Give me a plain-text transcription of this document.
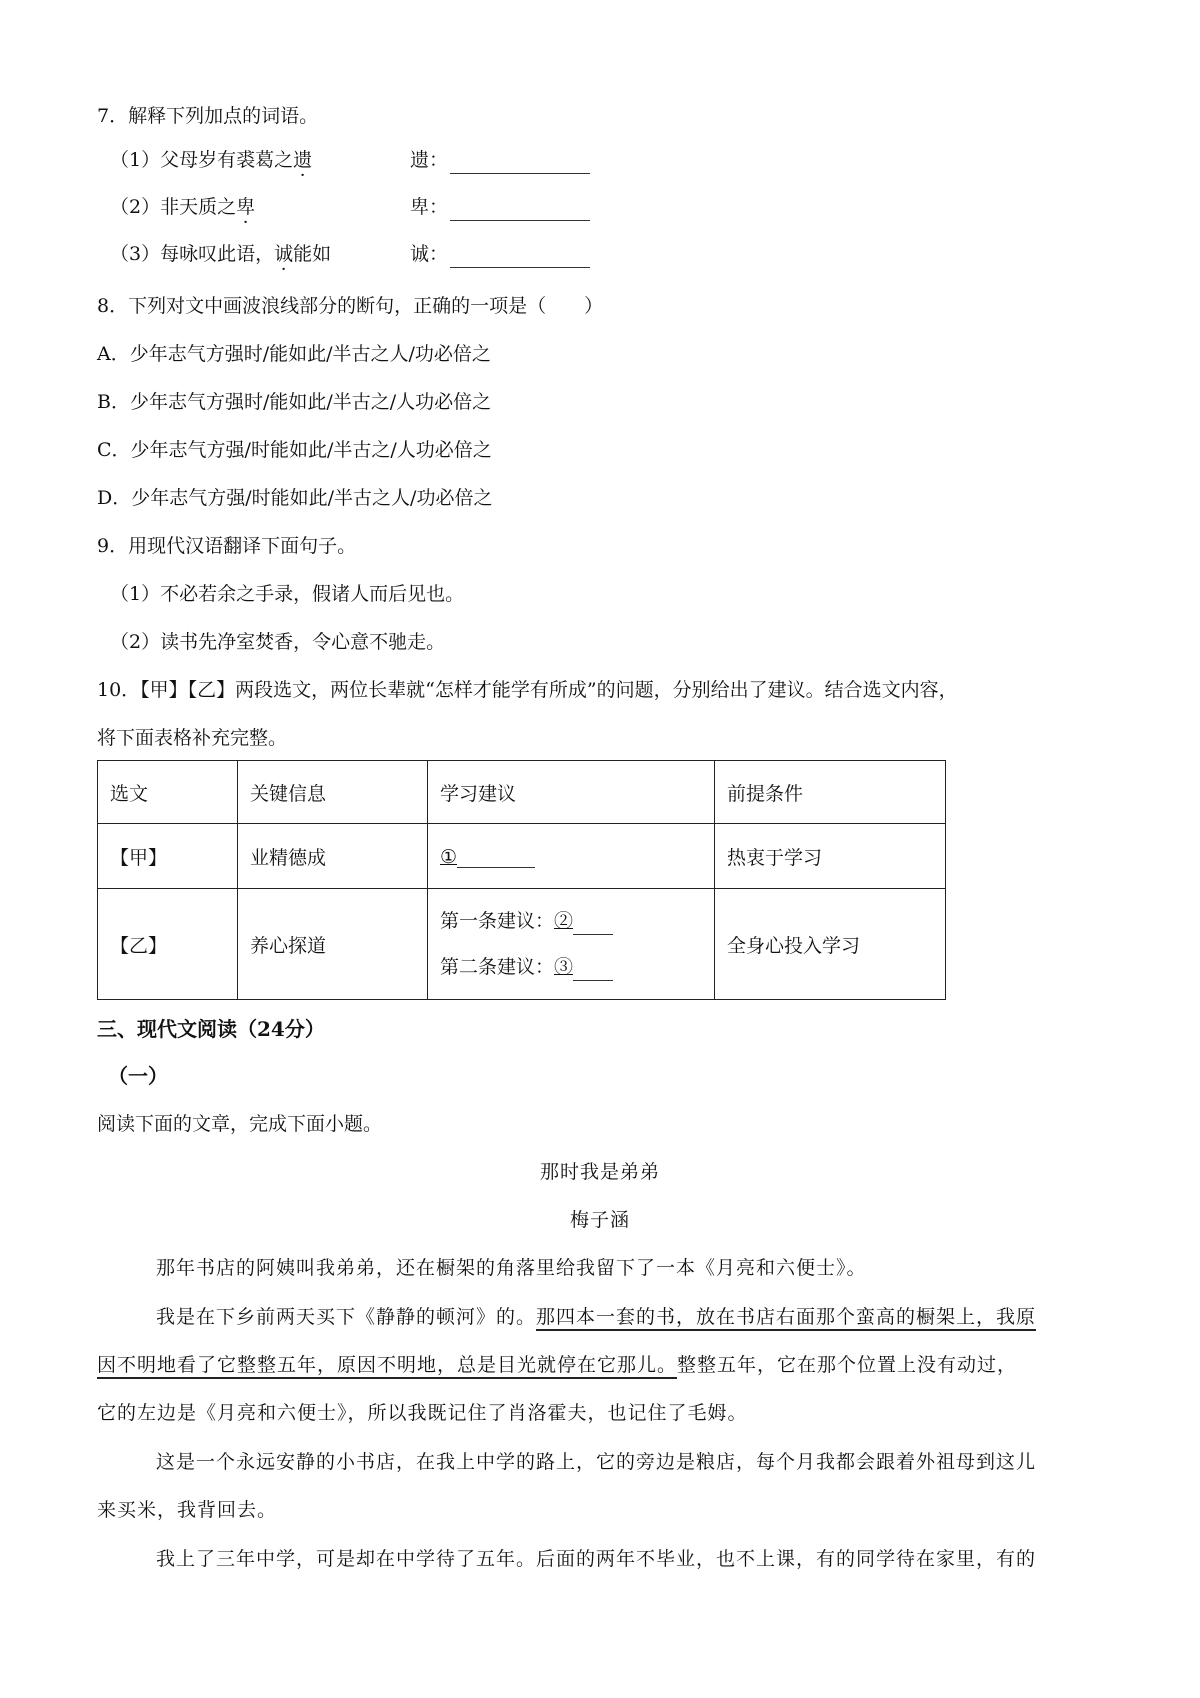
7．解释下列加点的词语。
（1）父母岁有裘葛之遗	遗：
（2）非天质之卑	卑：
（3）每咏叹此语，诚能如	诚：
8．下列对文中画波浪线部分的断句，正确的一项是（　　）
A．少年志气方强时/能如此/半古之人/功必倍之
B．少年志气方强时/能如此/半古之/人功必倍之
C．少年志气方强/时能如此/半古之/人功必倍之
D．少年志气方强/时能如此/半古之人/功必倍之
9．用现代汉语翻译下面句子。
（1）不必若余之手录，假诸人而后见也。
（2）读书先净室焚香，令心意不驰走。
10．【甲】【乙】两段选文，两位长辈就“怎样才能学有所成”的问题，分别给出了建议。结合选文内容，
将下面表格补充完整。
选文	关键信息	学习建议	前提条件
【甲】	业精德成	①	热衷于学习
【乙】	养心探道	第一条建议：②
第二条建议：③	全身心投入学习
三、现代文阅读（24分）
（一）
阅读下面的文章，完成下面小题。
那时我是弟弟
梅子涵
那年书店的阿姨叫我弟弟，还在橱架的角落里给我留下了一本《月亮和六便士》。
我是在下乡前两天买下《静静的顿河》的。那四本一套的书，放在书店右面那个蛮高的橱架上，我原
因不明地看了它整整五年，原因不明地，总是目光就停在它那儿。整整五年，它在那个位置上没有动过，
它的左边是《月亮和六便士》，所以我既记住了肖洛霍夫，也记住了毛姆。
这是一个永远安静的小书店，在我上中学的路上，它的旁边是粮店，每个月我都会跟着外祖母到这儿
来买米，我背回去。
我上了三年中学，可是却在中学待了五年。后面的两年不毕业，也不上课，有的同学待在家里，有的
